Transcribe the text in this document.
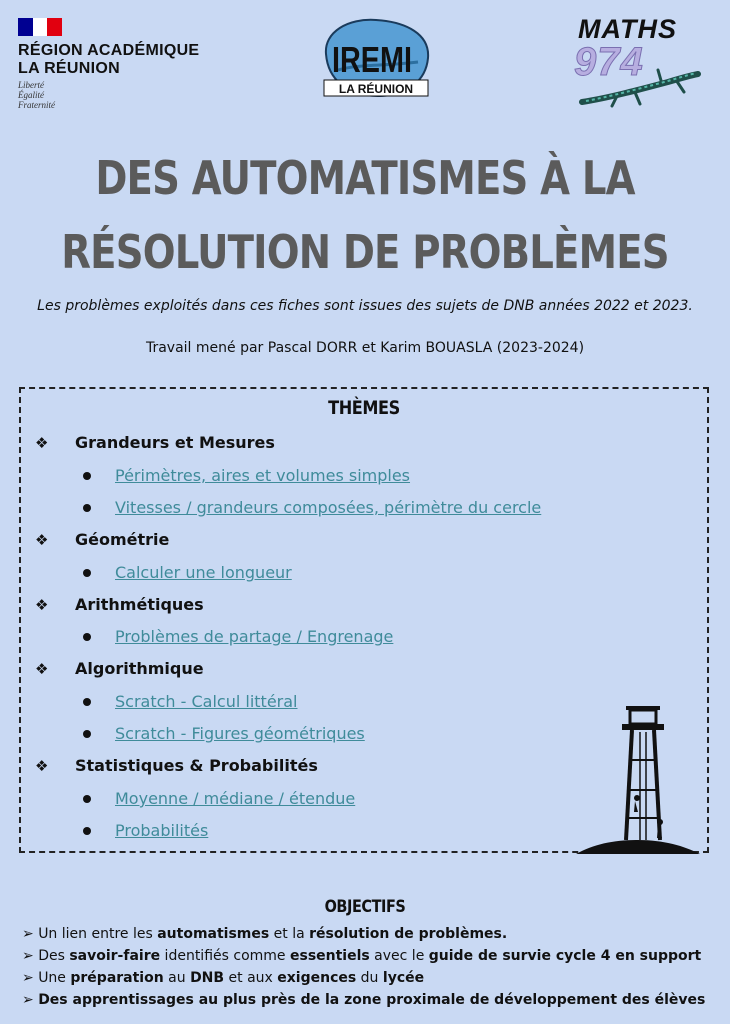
RÉGION ACADÉMIQUE
LA RÉUNION
Liberté
Égalité
Fraternité
IREMI
LA RÉUNION
MATHS
974
DES AUTOMATISMES À LA
RÉSOLUTION DE PROBLÈMES
Les problèmes exploités dans ces fiches sont issues des sujets de DNB années 2022 et 2023.
Travail mené par Pascal DORR et Karim BOUASLA (2023-2024)
THÈMES
❖ Grandeurs et Mesures
Périmètres, aires et volumes simples
Vitesses / grandeurs composées, périmètre du cercle
❖ Géométrie
Calculer une longueur
❖ Arithmétiques
Problèmes de partage / Engrenage
❖ Algorithmique
Scratch - Calcul littéral
Scratch - Figures géométriques
❖ Statistiques & Probabilités
Moyenne / médiane / étendue
Probabilités
OBJECTIFS
➢ Un lien entre les automatismes et la résolution de problèmes.
➢ Des savoir-faire identifiés comme essentiels avec le guide de survie cycle 4 en support
➢ Une préparation au DNB et aux exigences du lycée
➢ Des apprentissages au plus près de la zone proximale de développement des élèves
